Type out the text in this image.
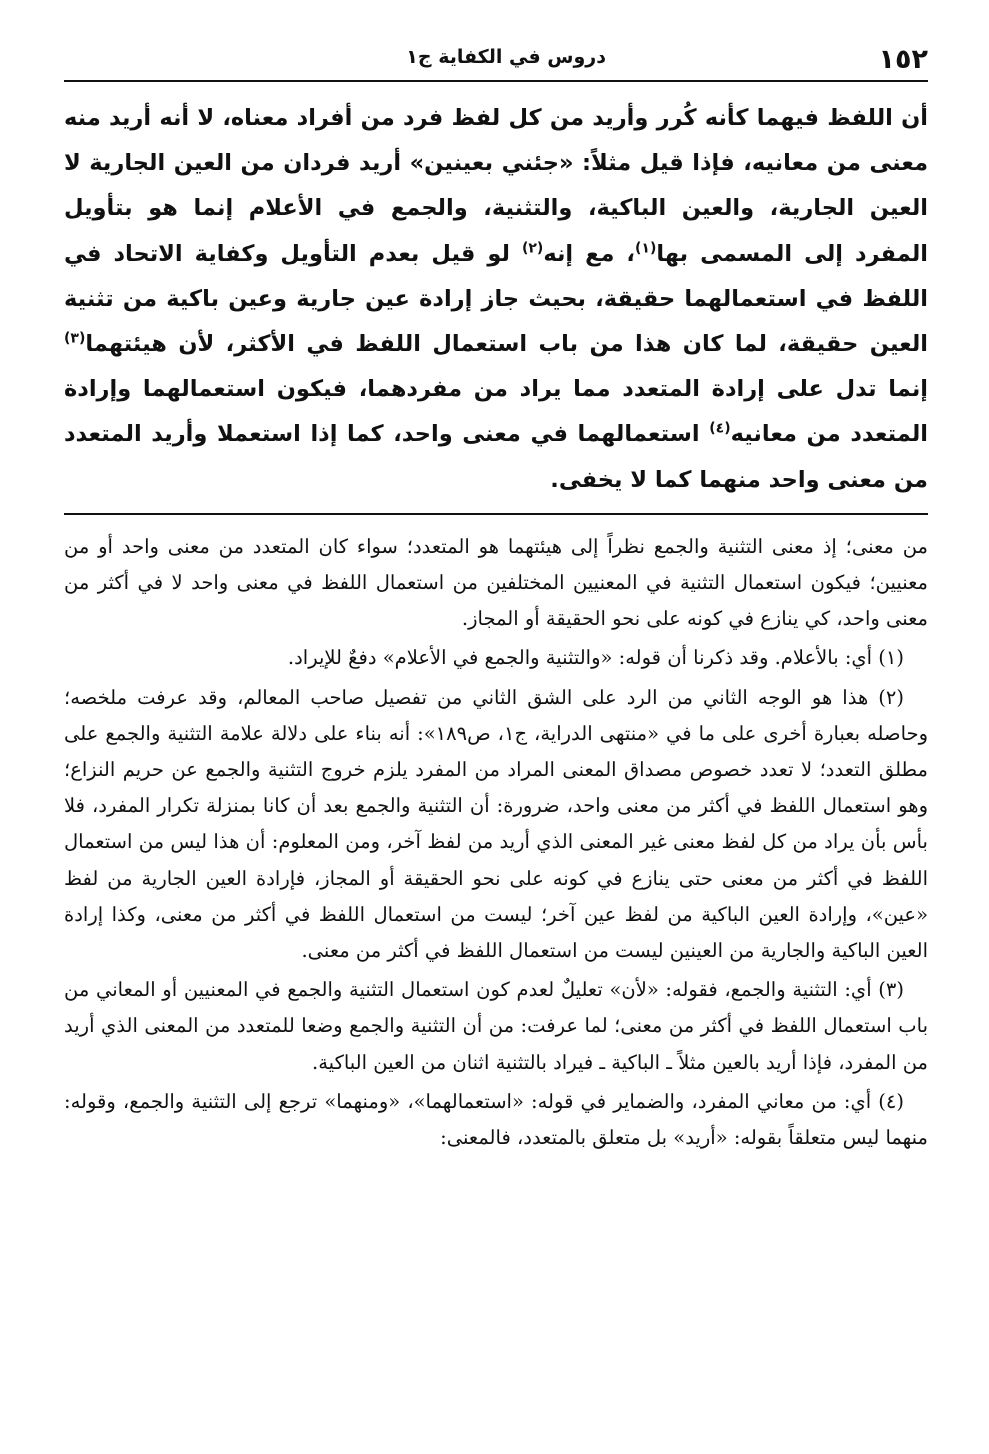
١٥٢
دروس في الكفاية ج١

أن اللفظ فيهما كأنه كُرر وأريد من كل لفظ فرد من أفراد معناه، لا أنه أريد منه معنى من معانيه، فإذا قيل مثلاً: «جئني بعينين» أريد فردان من العين الجارية لا العين الجارية، والعين الباكية، والتثنية، والجمع في الأعلام إنما هو بتأويل المفرد إلى المسمى بها$^{(١)}$، مع إنه$^{(٢)}$ لو قيل بعدم التأويل وكفاية الاتحاد في اللفظ في استعمالهما حقيقة، بحيث جاز إرادة عين جارية وعين باكية من تثنية العين حقيقة، لما كان هذا من باب استعمال اللفظ في الأكثر، لأن هيئتهما$^{(٣)}$ إنما تدل على إرادة المتعدد مما يراد من مفردهما، فيكون استعمالهما وإرادة المتعدد من معانيه$^{(٤)}$ استعمالهما في معنى واحد، كما إذا استعملا وأريد المتعدد من معنى واحد منهما كما لا يخفى.

من معنى؛ إذ معنى التثنية والجمع نظراً إلى هيئتهما هو المتعدد؛ سواء كان المتعدد من معنى واحد أو من معنيين؛ فيكون استعمال التثنية في المعنيين المختلفين من استعمال اللفظ في معنى واحد لا في أكثر من معنى واحد، كي ينازع في كونه على نحو الحقيقة أو المجاز.

(١) أي: بالأعلام. وقد ذكرنا أن قوله: «والتثنية والجمع في الأعلام» دفعٌ للإيراد.

(٢) هذا هو الوجه الثاني من الرد على الشق الثاني من تفصيل صاحب المعالم، وقد عرفت ملخصه؛ وحاصله بعبارة أخرى على ما في «منتهى الدراية، ج١، ص١٨٩»: أنه بناء على دلالة علامة التثنية والجمع على مطلق التعدد؛ لا تعدد خصوص مصداق المعنى المراد من المفرد يلزم خروج التثنية والجمع عن حريم النزاع؛ وهو استعمال اللفظ في أكثر من معنى واحد، ضرورة: أن التثنية والجمع بعد أن كانا بمنزلة تكرار المفرد، فلا بأس بأن يراد من كل لفظ معنى غير المعنى الذي أريد من لفظ آخر، ومن المعلوم: أن هذا ليس من استعمال اللفظ في أكثر من معنى حتى ينازع في كونه على نحو الحقيقة أو المجاز، فإرادة العين الجارية من لفظ «عين»، وإرادة العين الباكية من لفظ عين آخر؛ ليست من استعمال اللفظ في أكثر من معنى، وكذا إرادة العين الباكية والجارية من العينين ليست من استعمال اللفظ في أكثر من معنى.

(٣) أي: التثنية والجمع، فقوله: «لأن» تعليلٌ لعدم كون استعمال التثنية والجمع في المعنيين أو المعاني من باب استعمال اللفظ في أكثر من معنى؛ لما عرفت: من أن التثنية والجمع وضعا للمتعدد من المعنى الذي أريد من المفرد، فإذا أريد بالعين مثلاً ـ الباكية ـ فيراد بالتثنية اثنان من العين الباكية.

(٤) أي: من معاني المفرد، والضماير في قوله: «استعمالهما»، «ومنهما» ترجع إلى التثنية والجمع، وقوله: منهما ليس متعلقاً بقوله: «أريد» بل متعلق بالمتعدد، فالمعنى:
